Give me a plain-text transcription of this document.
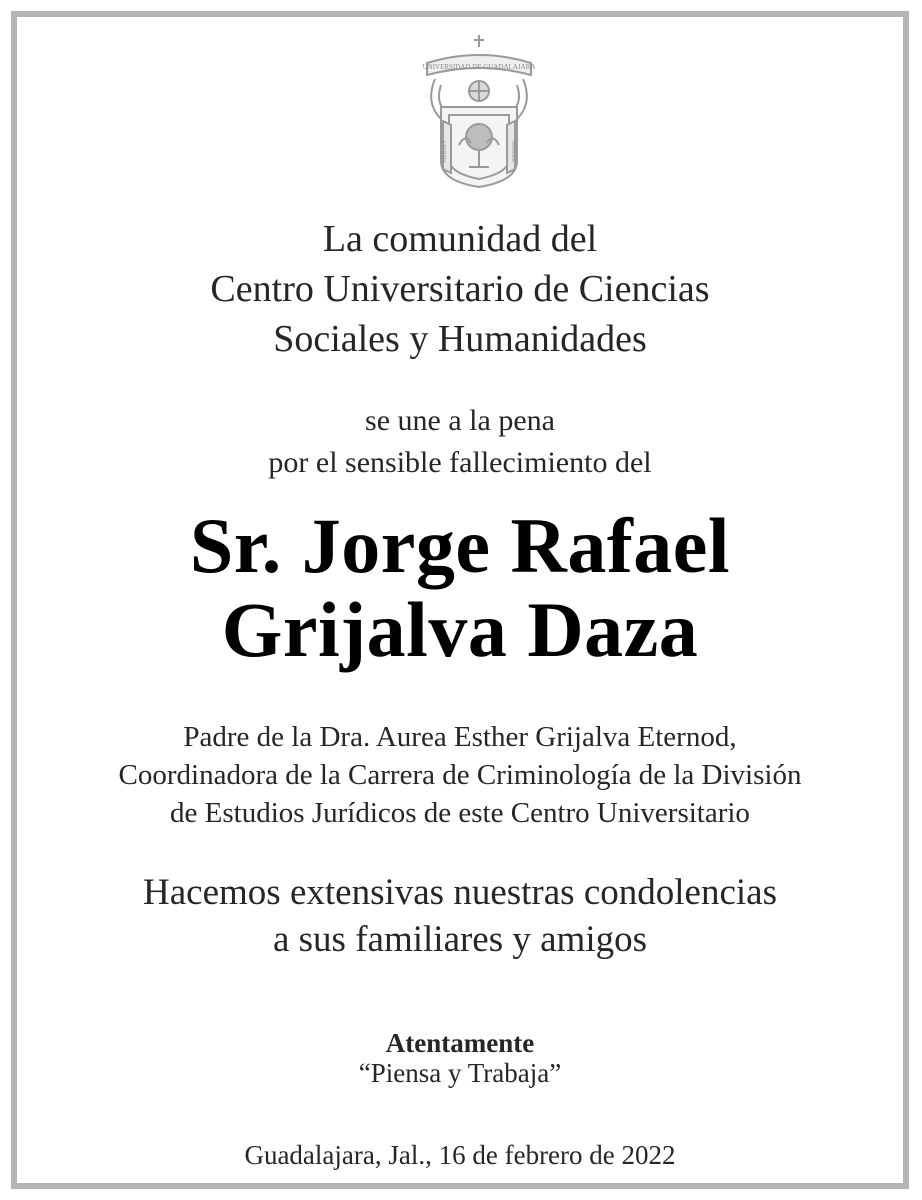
UNIVERSIDAD DE GUADALAJARA
PIENSA Y	TRABAJA
La comunidad del
Centro Universitario de Ciencias
Sociales y Humanidades
se une a la pena
por el sensible fallecimiento del
Sr. Jorge Rafael
Grijalva Daza
Padre de la Dra. Aurea Esther Grijalva Eternod,
Coordinadora de la Carrera de Criminología de la División
de Estudios Jurídicos de este Centro Universitario
Hacemos extensivas nuestras condolencias
a sus familiares y amigos
Atentamente
“Piensa y Trabaja”
Guadalajara, Jal., 16 de febrero de 2022
